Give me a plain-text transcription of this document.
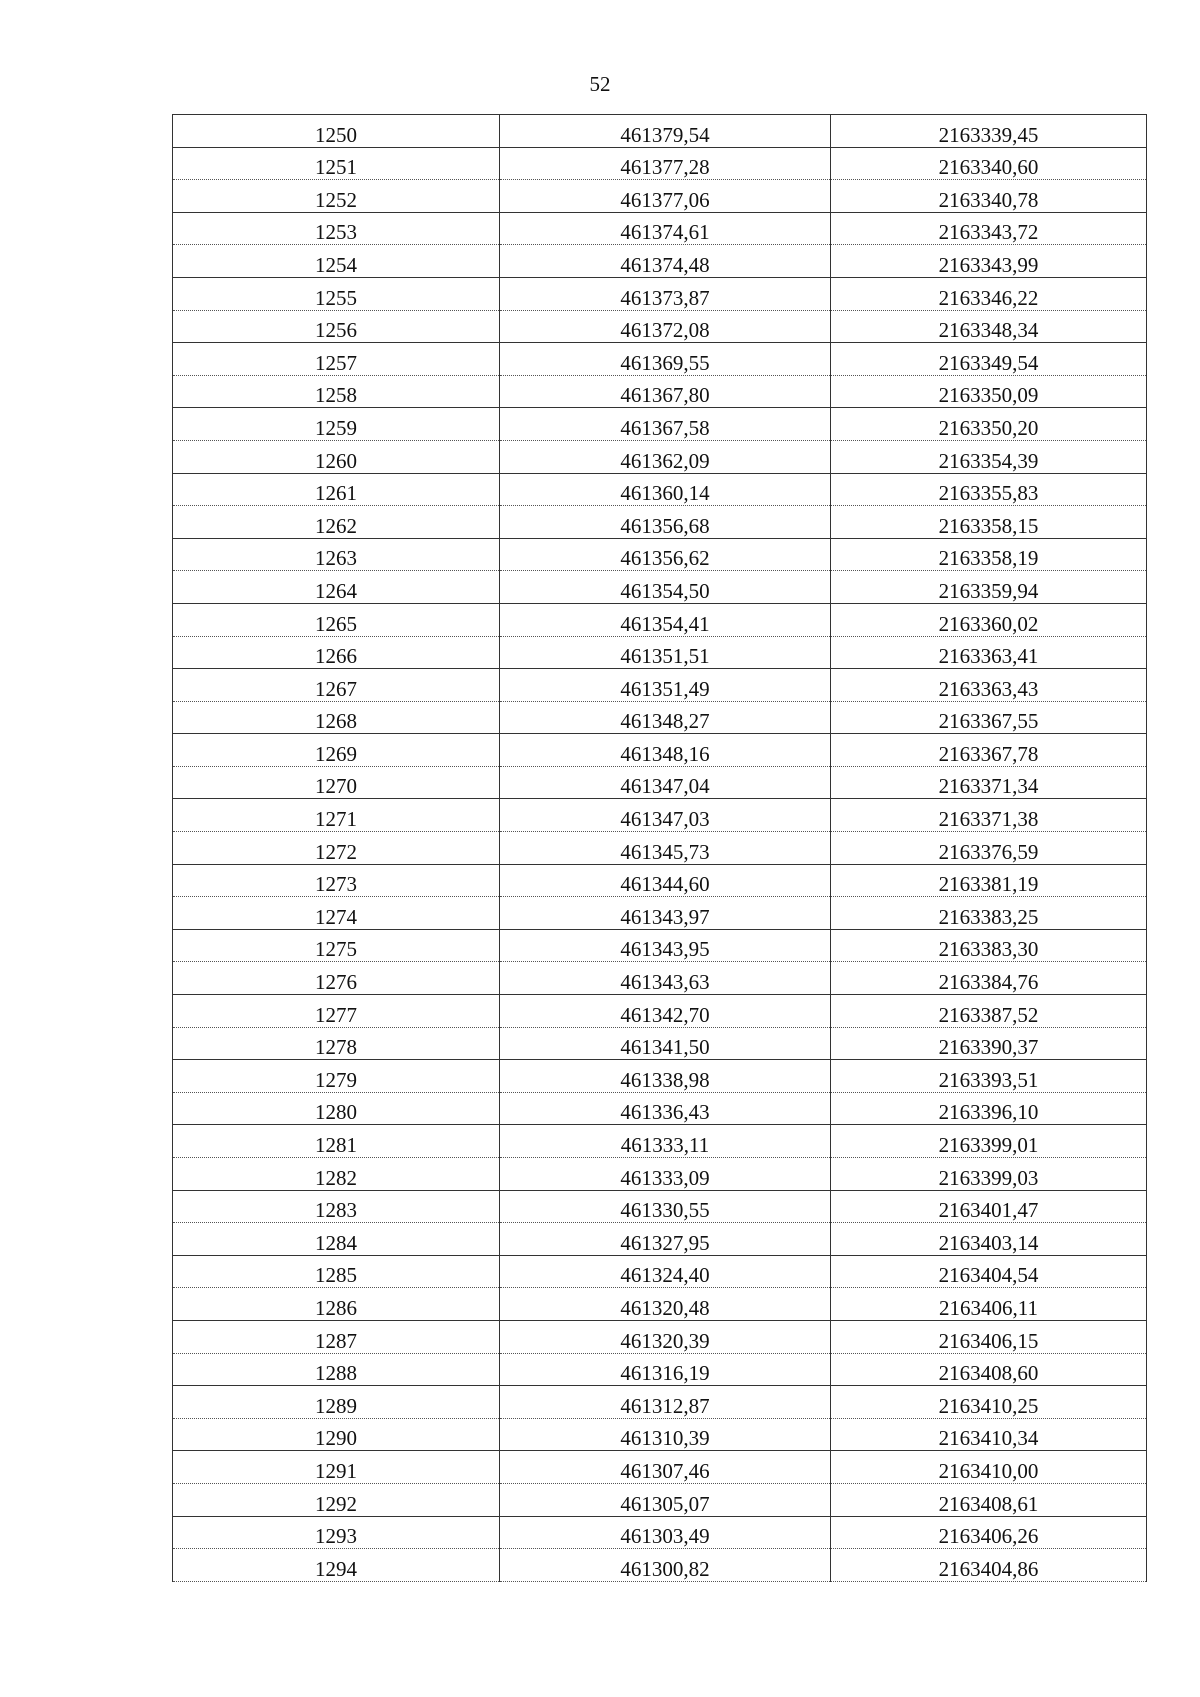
52
1250	461379,54	2163339,45
1251	461377,28	2163340,60
1252	461377,06	2163340,78
1253	461374,61	2163343,72
1254	461374,48	2163343,99
1255	461373,87	2163346,22
1256	461372,08	2163348,34
1257	461369,55	2163349,54
1258	461367,80	2163350,09
1259	461367,58	2163350,20
1260	461362,09	2163354,39
1261	461360,14	2163355,83
1262	461356,68	2163358,15
1263	461356,62	2163358,19
1264	461354,50	2163359,94
1265	461354,41	2163360,02
1266	461351,51	2163363,41
1267	461351,49	2163363,43
1268	461348,27	2163367,55
1269	461348,16	2163367,78
1270	461347,04	2163371,34
1271	461347,03	2163371,38
1272	461345,73	2163376,59
1273	461344,60	2163381,19
1274	461343,97	2163383,25
1275	461343,95	2163383,30
1276	461343,63	2163384,76
1277	461342,70	2163387,52
1278	461341,50	2163390,37
1279	461338,98	2163393,51
1280	461336,43	2163396,10
1281	461333,11	2163399,01
1282	461333,09	2163399,03
1283	461330,55	2163401,47
1284	461327,95	2163403,14
1285	461324,40	2163404,54
1286	461320,48	2163406,11
1287	461320,39	2163406,15
1288	461316,19	2163408,60
1289	461312,87	2163410,25
1290	461310,39	2163410,34
1291	461307,46	2163410,00
1292	461305,07	2163408,61
1293	461303,49	2163406,26
1294	461300,82	2163404,86
